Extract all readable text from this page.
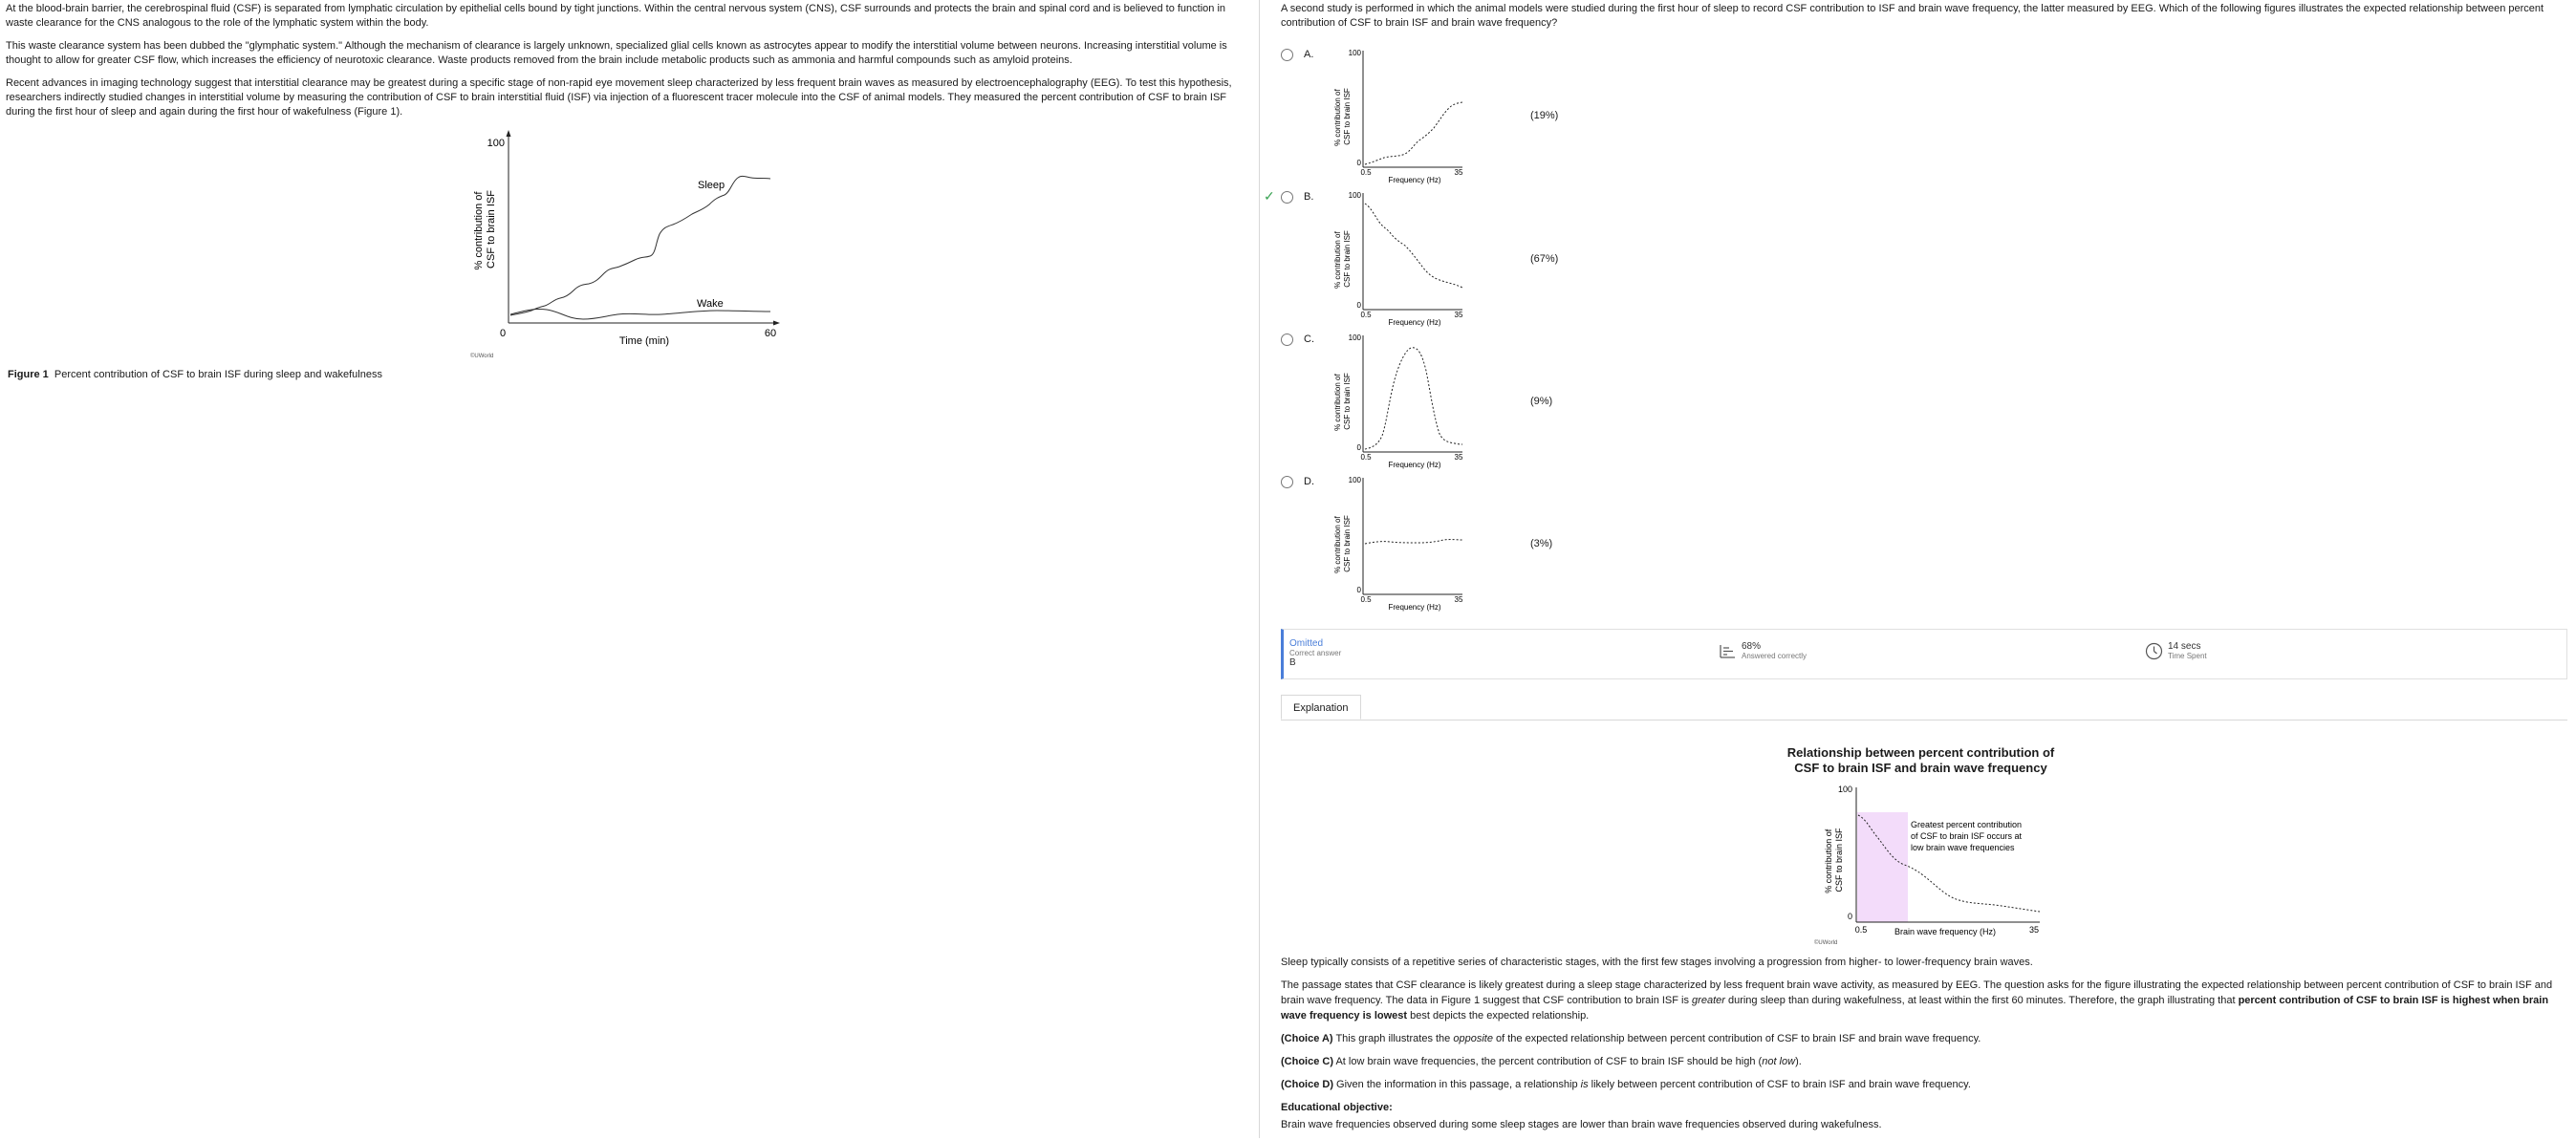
At the blood-brain barrier, the cerebrospinal fluid (CSF) is separated from lymphatic circulation by epithelial cells bound by tight junctions. Within the central nervous system (CNS), CSF surrounds and protects the brain and spinal cord and is believed to function in waste clearance for the CNS analogous to the role of the lymphatic system within the body.

This waste clearance system has been dubbed the "glymphatic system." Although the mechanism of clearance is largely unknown, specialized glial cells known as astrocytes appear to modify the interstitial volume between neurons. Increasing interstitial volume is thought to allow for greater CSF flow, which increases the efficiency of neurotoxic clearance. Waste products removed from the brain include metabolic products such as ammonia and harmful compounds such as amyloid proteins.

Recent advances in imaging technology suggest that interstitial clearance may be greatest during a specific stage of non-rapid eye movement sleep characterized by less frequent brain waves as measured by electroencephalography (EEG). To test this hypothesis, researchers indirectly studied changes in interstitial volume by measuring the contribution of CSF to brain interstitial fluid (ISF) via injection of a fluorescent tracer molecule into the CSF of animal models. They measured the percent contribution of CSF to brain ISF during the first hour of sleep and again during the first hour of wakefulness (Figure 1).

% contribution of CSF to brain ISF
100
0	60
Time (min)
Sleep
Wake
©UWorld
Figure 1 Percent contribution of CSF to brain ISF during sleep and wakefulness

A second study is performed in which the animal models were studied during the first hour of sleep to record CSF contribution to ISF and brain wave frequency, the latter measured by EEG. Which of the following figures illustrates the expected relationship between percent contribution of CSF to brain ISF and brain wave frequency?

A.
% contribution of CSF to brain ISF
100
0
0.5	35
Frequency (Hz)
(19%)
✓	B.
% contribution of CSF to brain ISF
100
0
0.5	35
Frequency (Hz)
(67%)
C.
% contribution of CSF to brain ISF
100
0
0.5	35
Frequency (Hz)
(9%)
D.
% contribution of CSF to brain ISF
100
0
0.5	35
Frequency (Hz)
(3%)
Omitted
Correct answer
B
68%
Answered correctly
14 secs
Time Spent
Explanation
Relationship between percent contribution of
CSF to brain ISF and brain wave frequency
% contribution of CSF to brain ISF
100
0
0.5	35
Brain wave frequency (Hz)
Greatest percent contribution of CSF to brain ISF occurs at low brain wave frequencies
©UWorld

Sleep typically consists of a repetitive series of characteristic stages, with the first few stages involving a progression from higher- to lower-frequency brain waves.

The passage states that CSF clearance is likely greatest during a sleep stage characterized by less frequent brain wave activity, as measured by EEG. The question asks for the figure illustrating the expected relationship between percent contribution of CSF to brain ISF and brain wave frequency. The data in Figure 1 suggest that CSF contribution to brain ISF is greater during sleep than during wakefulness, at least within the first 60 minutes. Therefore, the graph illustrating that percent contribution of CSF to brain ISF is highest when brain wave frequency is lowest best depicts the expected relationship.

(Choice A) This graph illustrates the opposite of the expected relationship between percent contribution of CSF to brain ISF and brain wave frequency.

(Choice C) At low brain wave frequencies, the percent contribution of CSF to brain ISF should be high (not low).

(Choice D) Given the information in this passage, a relationship is likely between percent contribution of CSF to brain ISF and brain wave frequency.

Educational objective:

Brain wave frequencies observed during some sleep stages are lower than brain wave frequencies observed during wakefulness.
